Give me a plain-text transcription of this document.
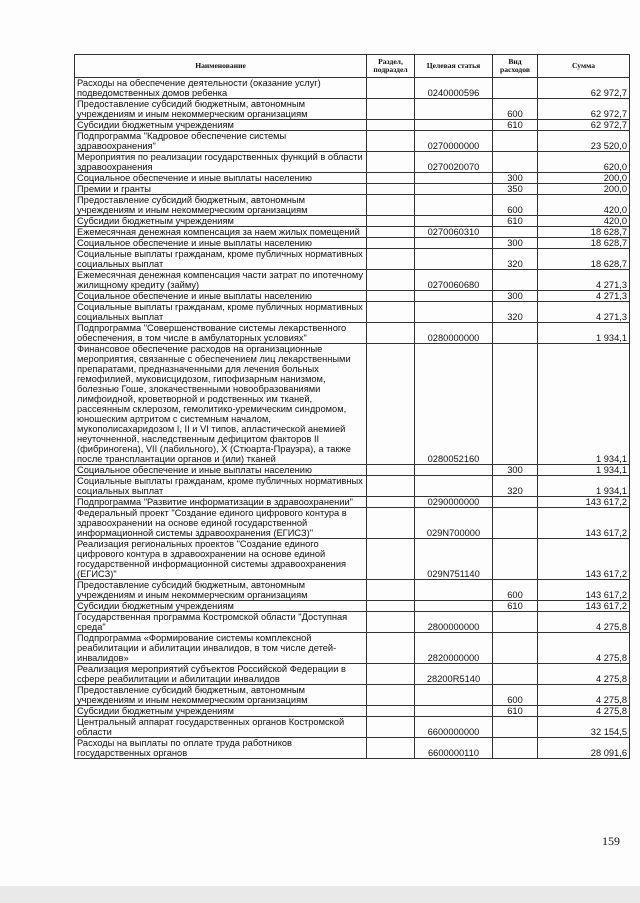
Наименование	Раздел, подраздел	Целевая статья	Вид расходов	Сумма
Расходы на обеспечение деятельности (оказание услуг) подведомственных домов ребенка		0240000596		62 972,7
Предоставление субсидий бюджетным, автономным учреждениям и иным некоммерческим организациям			600	62 972,7
Субсидии бюджетным учреждениям			610	62 972,7
Подпрограмма "Кадровое обеспечение системы здравоохранения"		0270000000		23 520,0
Мероприятия по реализации государственных функций в области здравоохранения		0270020070		620,0
Социальное обеспечение и иные выплаты населению			300	200,0
Премии и гранты			350	200,0
Предоставление субсидий бюджетным, автономным учреждениям и иным некоммерческим организациям			600	420,0
Субсидии бюджетным учреждениям			610	420,0
Ежемесячная денежная компенсация за наем жилых помещений		0270060310		18 628,7
Социальное обеспечение и иные выплаты населению			300	18 628,7
Социальные выплаты гражданам, кроме публичных нормативных социальных выплат			320	18 628,7
Ежемесячная денежная компенсация части затрат по ипотечному жилищному кредиту (займу)		0270060680		4 271,3
Социальное обеспечение и иные выплаты населению			300	4 271,3
Социальные выплаты гражданам, кроме публичных нормативных социальных выплат			320	4 271,3
Подпрограмма "Совершенствование системы лекарственного обеспечения, в том числе в амбулаторных условиях"		0280000000		1 934,1
Финансовое обеспечение расходов на организационные мероприятия, связанные с обеспечением лиц лекарственными препаратами, предназначенными для лечения больных гемофилией, муковисцидозом, гипофизарным нанизмом, болезнью Гоше, злокачественными новообразованиями лимфоидной, кроветворной и родственных им тканей, рассеянным склерозом, гемолитико-уремическим синдромом, юношеским артритом с системным началом, мукополисахаридозом I, II и VI типов, апластической анемией неуточненной, наследственным дефицитом факторов II (фибриногена), VII (лабильного), X (Стюарта-Прауэра), а также после трансплантации органов и (или) тканей		0280052160		1 934,1
Социальное обеспечение и иные выплаты населению			300	1 934,1
Социальные выплаты гражданам, кроме публичных нормативных социальных выплат			320	1 934,1
Подпрограмма "Развитие информатизации в здравоохранении"		0290000000		143 617,2
Федеральный проект "Создание единого цифрового контура в здравоохранении на основе единой государственной информационной системы здравоохранения (ЕГИСЗ)"		029N700000		143 617,2
Реализация региональных проектов "Создание единого цифрового контура в здравоохранении на основе единой государственной информационной системы здравоохранения (ЕГИСЗ)"		029N751140		143 617,2
Предоставление субсидий бюджетным, автономным учреждениям и иным некоммерческим организациям			600	143 617,2
Субсидии бюджетным учреждениям			610	143 617,2
Государственная программа Костромской области "Доступная среда"		2800000000		4 275,8
Подпрограмма «Формирование системы комплексной реабилитации и абилитации инвалидов, в том числе детей-инвалидов»		2820000000		4 275,8
Реализация мероприятий субъектов Российской Федерации в сфере реабилитации и абилитации инвалидов		28200R5140		4 275,8
Предоставление субсидий бюджетным, автономным учреждениям и иным некоммерческим организациям			600	4 275,8
Субсидии бюджетным учреждениям			610	4 275,8
Центральный аппарат государственных органов Костромской области		6600000000		32 154,5
Расходы на выплаты по оплате труда работников государственных органов		6600000110		28 091,6
159
